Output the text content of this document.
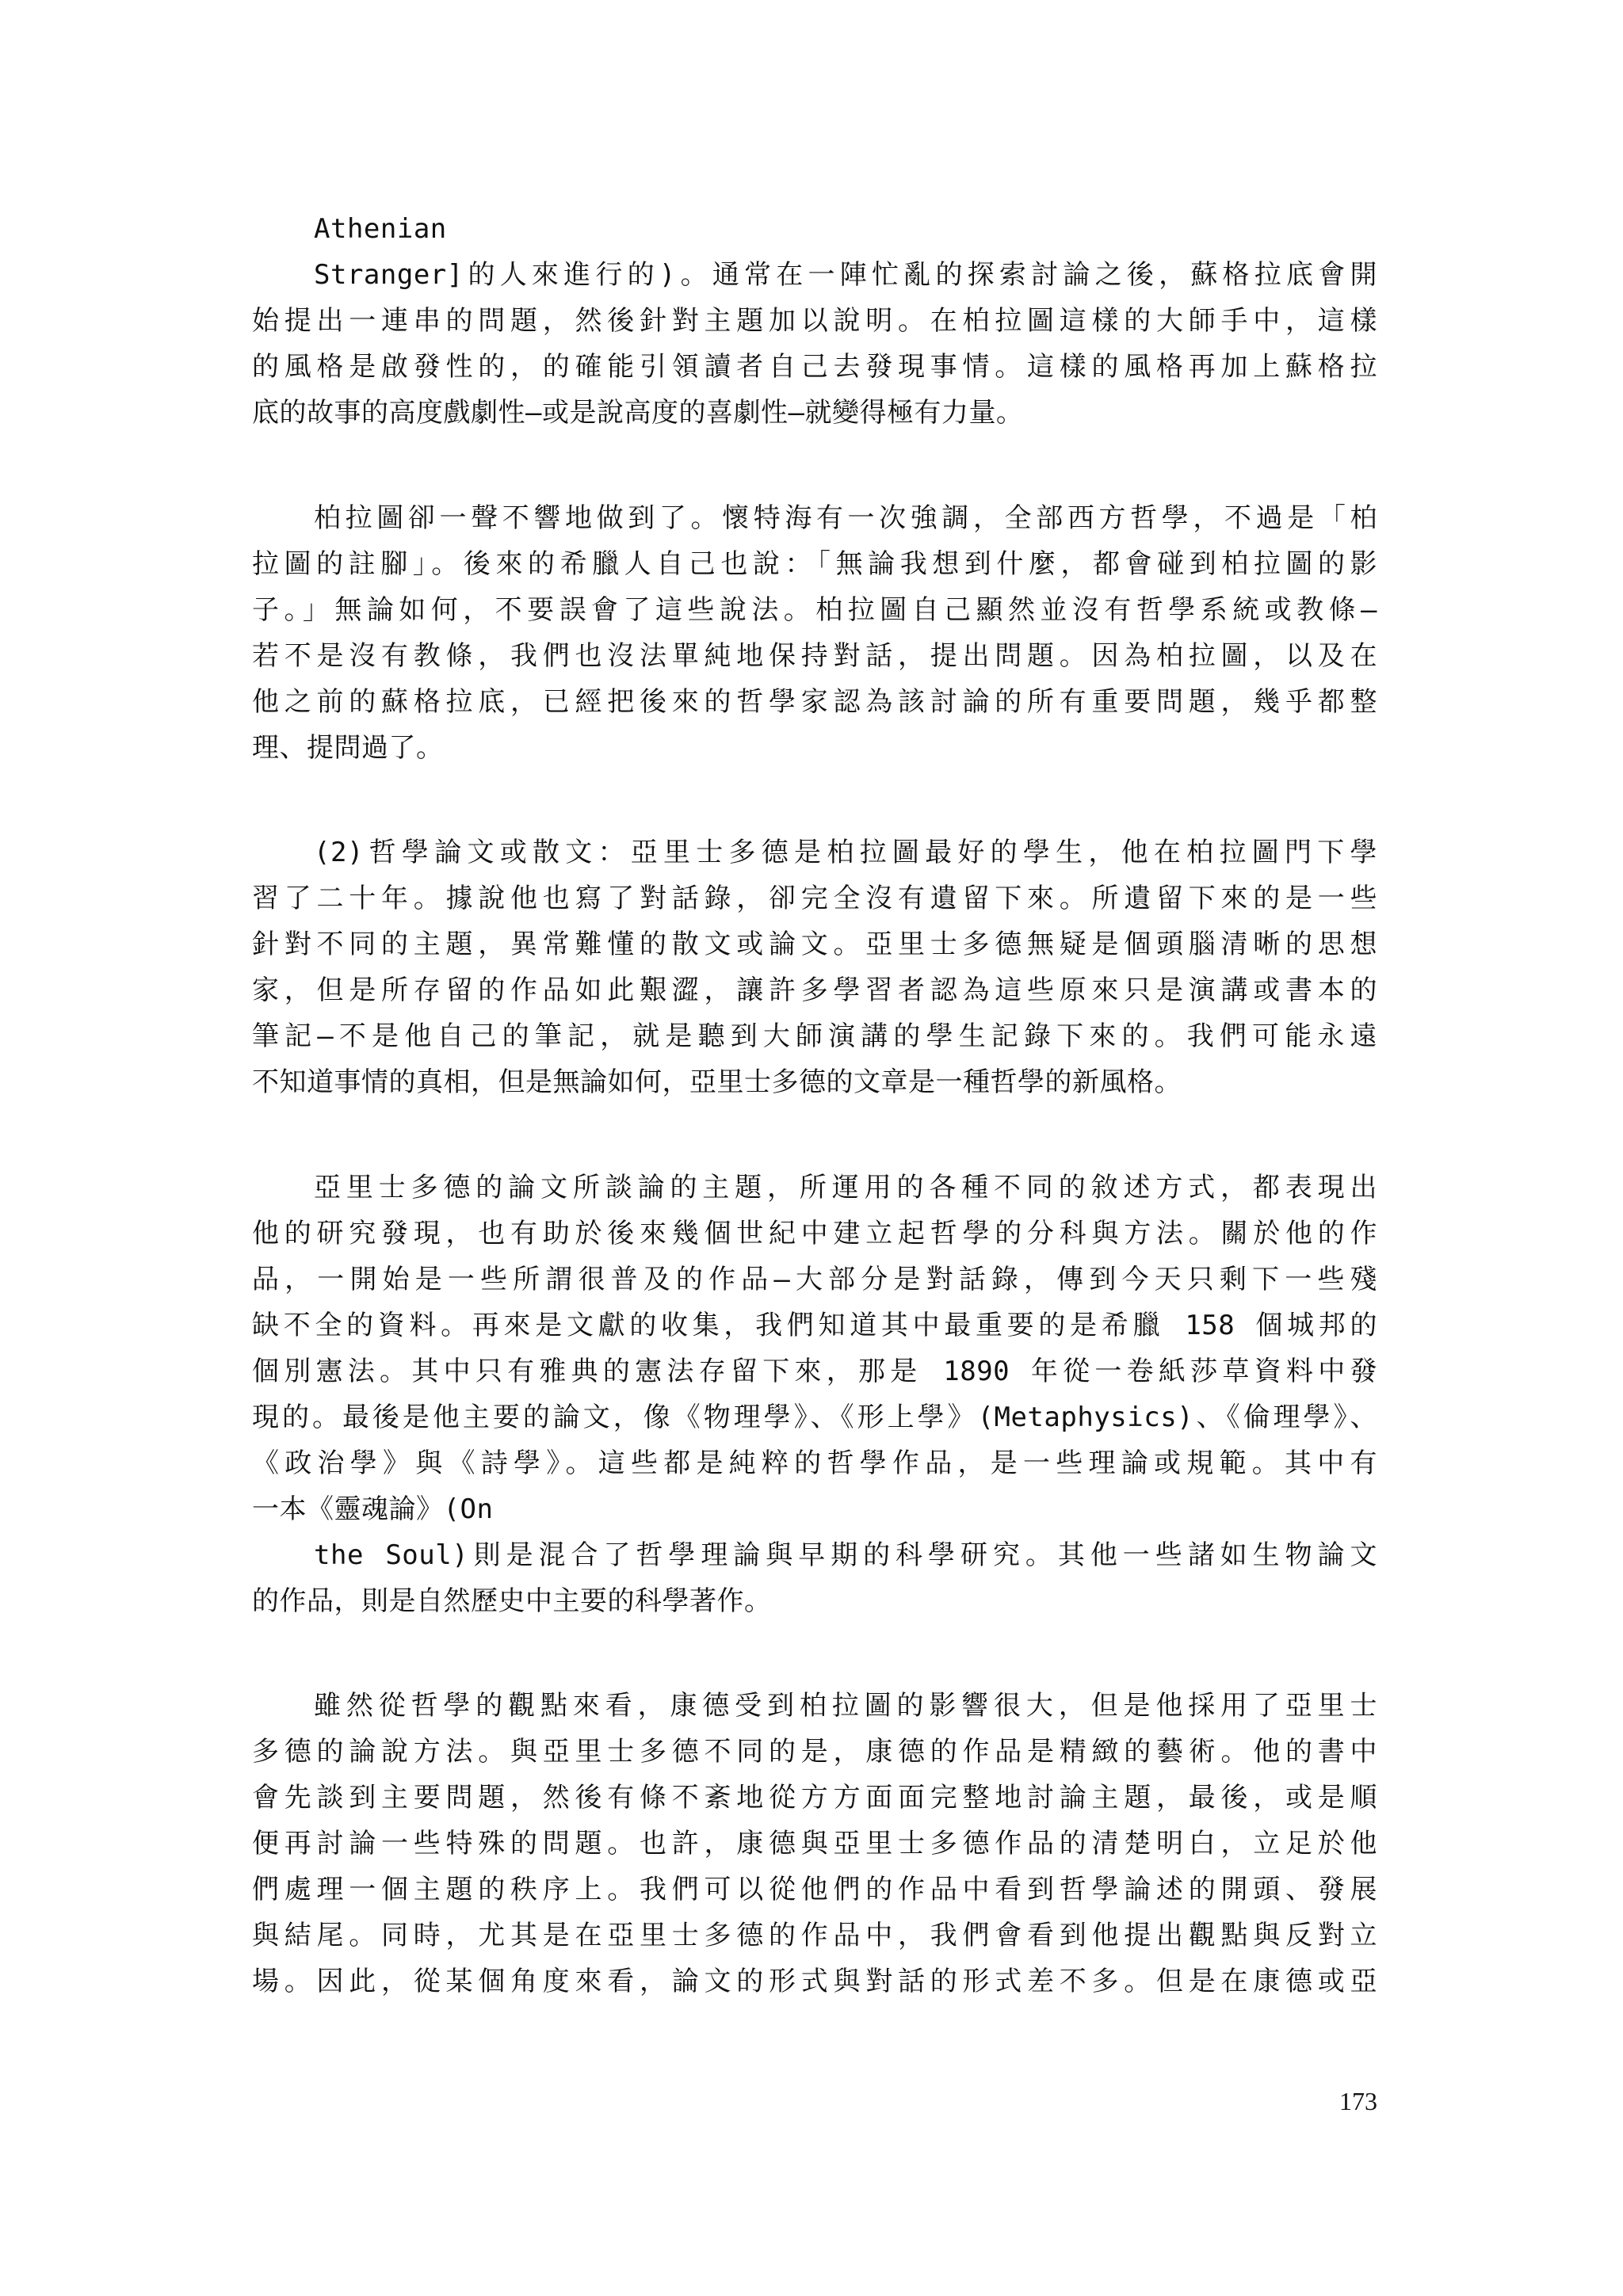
Athenian
Stranger]的人來進行的)。通常在一陣忙亂的探索討論之後，蘇格拉底會開
始提出一連串的問題，然後針對主題加以說明。在柏拉圖這樣的大師手中，這樣
的風格是啟發性的，的確能引領讀者自己去發現事情。這樣的風格再加上蘇格拉
底的故事的高度戲劇性—或是說高度的喜劇性—就變得極有力量。
柏拉圖卻一聲不響地做到了。懷特海有一次強調，全部西方哲學，不過是「柏
拉圖的註腳」。後來的希臘人自己也說：「無論我想到什麼，都會碰到柏拉圖的影
子。」無論如何，不要誤會了這些說法。柏拉圖自己顯然並沒有哲學系統或教條—
若不是沒有教條，我們也沒法單純地保持對話，提出問題。因為柏拉圖，以及在
他之前的蘇格拉底，已經把後來的哲學家認為該討論的所有重要問題，幾乎都整
理、提問過了。
(2)哲學論文或散文：亞里士多德是柏拉圖最好的學生，他在柏拉圖門下學
習了二十年。據說他也寫了對話錄，卻完全沒有遺留下來。所遺留下來的是一些
針對不同的主題，異常難懂的散文或論文。亞里士多德無疑是個頭腦清晰的思想
家，但是所存留的作品如此艱澀，讓許多學習者認為這些原來只是演講或書本的
筆記—不是他自己的筆記，就是聽到大師演講的學生記錄下來的。我們可能永遠
不知道事情的真相，但是無論如何，亞里士多德的文章是一種哲學的新風格。
亞里士多德的論文所談論的主題，所運用的各種不同的敘述方式，都表現出
他的研究發現，也有助於後來幾個世紀中建立起哲學的分科與方法。關於他的作
品，一開始是一些所謂很普及的作品—大部分是對話錄，傳到今天只剩下一些殘
缺不全的資料。再來是文獻的收集，我們知道其中最重要的是希臘 158 個城邦的
個別憲法。其中只有雅典的憲法存留下來，那是 1890 年從一卷紙莎草資料中發
現的。最後是他主要的論文，像《物理學》、《形上學》(Metaphysics)、《倫理學》、
《政治學》與《詩學》。這些都是純粹的哲學作品，是一些理論或規範。其中有
一本《靈魂論》(On
the Soul)則是混合了哲學理論與早期的科學研究。其他一些諸如生物論文
的作品，則是自然歷史中主要的科學著作。
雖然從哲學的觀點來看，康德受到柏拉圖的影響很大，但是他採用了亞里士
多德的論說方法。與亞里士多德不同的是，康德的作品是精緻的藝術。他的書中
會先談到主要問題，然後有條不紊地從方方面面完整地討論主題，最後，或是順
便再討論一些特殊的問題。也許，康德與亞里士多德作品的清楚明白，立足於他
們處理一個主題的秩序上。我們可以從他們的作品中看到哲學論述的開頭、發展
與結尾。同時，尤其是在亞里士多德的作品中，我們會看到他提出觀點與反對立
場。因此，從某個角度來看，論文的形式與對話的形式差不多。但是在康德或亞
173
